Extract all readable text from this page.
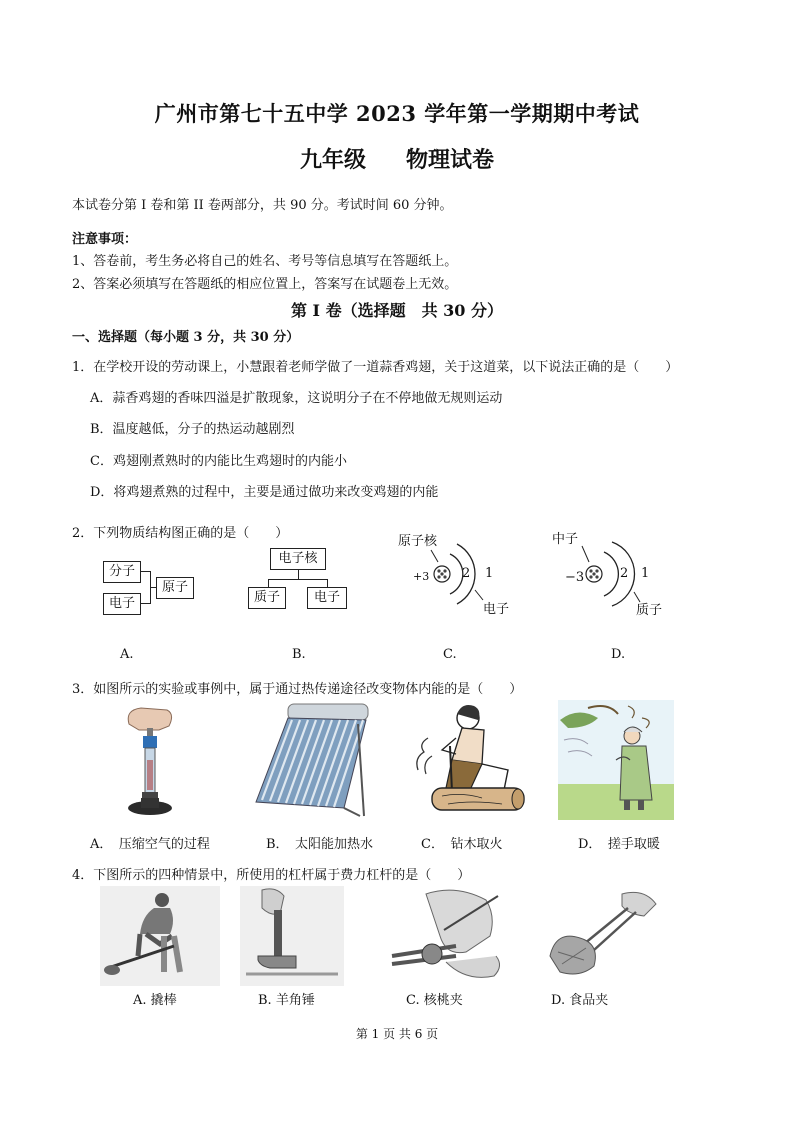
广州市第七十五中学 2023 学年第一学期期中考试
九年级 物理试卷
本试卷分第 I 卷和第 II 卷两部分，共 90 分。考试时间 60 分钟。
注意事项：
1、答卷前，考生务必将自己的姓名、考号等信息填写在答题纸上。
2、答案必须填写在答题纸的相应位置上，答案写在试题卷上无效。
第 I 卷（选择题　共 30 分）
一、选择题（每小题 3 分，共 30 分）
1．在学校开设的劳动课上，小慧跟着老师学做了一道蒜香鸡翅，关于这道菜，以下说法正确的是（　　）
A．蒜香鸡翅的香味四溢是扩散现象，这说明分子在不停地做无规则运动
B．温度越低，分子的热运动越剧烈
C．鸡翅刚煮熟时的内能比生鸡翅时的内能小
D．将鸡翅煮熟的过程中，主要是通过做功来改变鸡翅的内能
2．下列物质结构图正确的是（　　）
分子
电子
原子
电子核
质子	电子
原子核
+3	2 1
电子
中子
−3	2 1
质子
A.	B.	C.	D.
3．如图所示的实验或事例中，属于通过热传递途径改变物体内能的是（　　）
A．　压缩空气的过程	B．　太阳能加热水	C．　钻木取火	D．　搓手取暖
4．下图所示的四种情景中，所使用的杠杆属于费力杠杆的是（　　）
A. 撬棒	B. 羊角锤	C. 核桃夹	D. 食品夹
第 1 页 共 6 页
